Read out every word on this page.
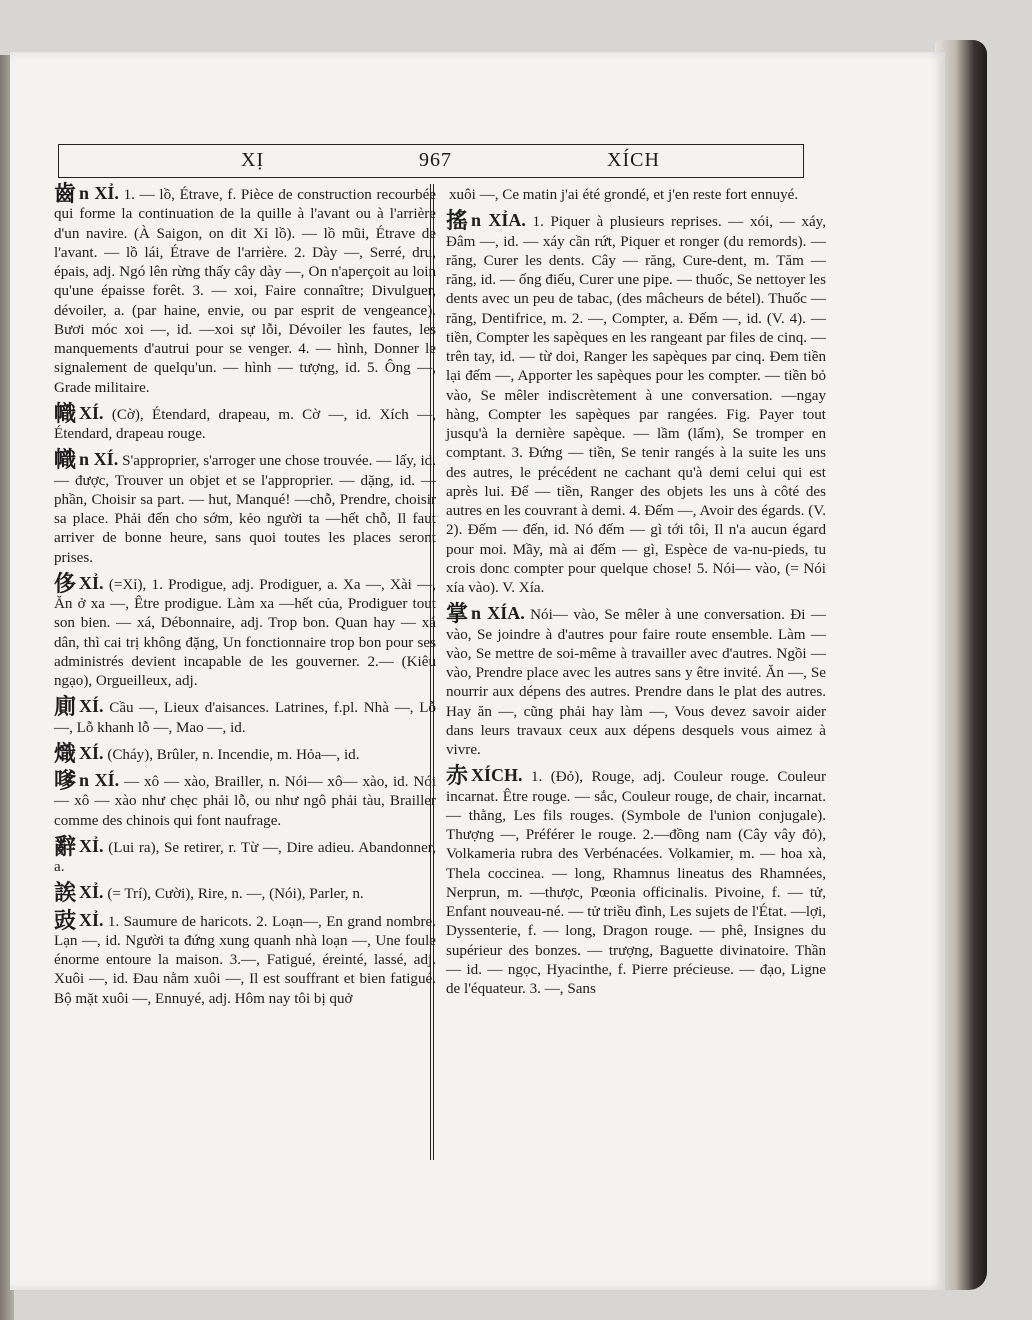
XỊ	967	XÍCH

齒 n XỈ. 1. — lồ, Étrave, f. Pièce de construction recourbée qui forme la continuation de la quille à l'avant ou à l'arrière d'un navire. (À Saigon, on dit Xỉ lồ). — lồ mũi, Étrave de l'avant. — lồ lái, Étrave de l'arrière. 2. Dày —, Serré, dru, épais, adj. Ngó lên rừng thấy cây dày —, On n'aperçoit au loin qu'une épaisse forêt. 3. — xoi, Faire connaître; Divulguer, dévoiler, a. (par haine, envie, ou par esprit de vengeance). Bươi móc xoi —, id. —xoi sự lỗi, Dévoiler les fautes, les manquements d'autrui pour se venger. 4. — hình, Donner le signalement de quelqu'un. — hình — tượng, id. 5. Ông —, Grade militaire.

幟 XÍ. (Cờ), Étendard, drapeau, m. Cờ —, id. Xích —, Étendard, drapeau rouge.

幟 n XÍ. S'approprier, s'arroger une chose trouvée. — lấy, id. — được, Trouver un objet et se l'approprier. — dặng, id. — phần, Choisir sa part. — hut, Manqué! —chỗ, Prendre, choisir sa place. Phải đến cho sớm, kẻo người ta —hết chỗ, Il faut arriver de bonne heure, sans quoi toutes les places seront prises.

侈 XỈ. (=Xỉ), 1. Prodigue, adj. Prodiguer, a. Xa —, Xài —, Ăn ở xa —, Être prodigue. Làm xa —hết của, Prodiguer tout son bien. — xá, Débonnaire, adj. Trop bon. Quan hay — xá dân, thì cai trị không đặng, Un fonctionnaire trop bon pour ses administrés devient incapable de les gouverner. 2.— (Kiêu ngạo), Orgueilleux, adj.

廁 XÍ. Cầu —, Lieux d'aisances. Latrines, f.pl. Nhà —, Lỗ —, Lỗ khanh lỗ —, Mao —, id.

熾 XÍ. (Cháy), Brûler, n. Incendie, m. Hỏa—, id.

嗲 n XÍ. — xô — xào, Brailler, n. Nói— xô— xào, id. Nói — xô — xào như chẹc phải lỗ, ou như ngô phải tàu, Brailler comme des chinois qui font naufrage.

辭 XỈ. (Lui ra), Se retirer, r. Từ —, Dire adieu. Abandonner, a.

誒 XỈ. (= Trí), Cười), Rire, n. —, (Nói), Parler, n.

豉 XỈ. 1. Saumure de haricots. 2. Loạn—, En grand nombre. Lạn —, id. Người ta đứng xung quanh nhà loạn —, Une foule énorme entoure la maison. 3.—, Fatigué, éreinté, lassé, adj. Xuôi —, id. Đau nằm xuôi —, Il est souffrant et bien fatigué. Bộ mặt xuôi —, Ennuyé, adj. Hôm nay tôi bị quở

xuôi —, Ce matin j'ai été grondé, et j'en reste fort ennuyé.

搖 n XỈA. 1. Piquer à plusieurs reprises. — xói, — xáy, Đâm —, id. — xáy cần rứt, Piquer et ronger (du remords). — răng, Curer les dents. Cây — răng, Cure-dent, m. Tăm — răng, id. — ống điếu, Curer une pipe. — thuốc, Se nettoyer les dents avec un peu de tabac, (des mâcheurs de bétel). Thuốc — răng, Dentifrice, m. 2. —, Compter, a. Đếm —, id. (V. 4). — tiền, Compter les sapèques en les rangeant par files de cinq. — trên tay, id. — từ doi, Ranger les sapèques par cinq. Đem tiền lại đếm —, Apporter les sapèques pour les compter. — tiền bỏ vào, Se mêler indiscrètement à une conversation. —ngay hàng, Compter les sapèques par rangées. Fig. Payer tout jusqu'à la dernière sapèque. — lầm (lấm), Se tromper en comptant. 3. Đứng — tiền, Se tenir rangés à la suite les uns des autres, le précédent ne cachant qu'à demi celui qui est après lui. Để — tiền, Ranger des objets les uns à côté des autres en les couvrant à demi. 4. Đếm —, Avoir des égards. (V. 2). Đếm — đến, id. Nó đếm — gì tới tôi, Il n'a aucun égard pour moi. Mầy, mà ai đếm — gì, Espèce de va-nu-pieds, tu crois donc compter pour quelque chose! 5. Nói— vào, (= Nói xía vào). V. Xía.

掌 n XÍA. Nói— vào, Se mêler à une conversation. Đi — vào, Se joindre à d'autres pour faire route ensemble. Làm — vào, Se mettre de soi-même à travailler avec d'autres. Ngồi — vào, Prendre place avec les autres sans y être invité. Ăn —, Se nourrir aux dépens des autres. Prendre dans le plat des autres. Hay ăn —, cũng phải hay làm —, Vous devez savoir aider dans leurs travaux ceux aux dépens desquels vous aimez à vivre.

赤 XÍCH. 1. (Đỏ), Rouge, adj. Couleur rouge. Couleur incarnat. Être rouge. — sắc, Couleur rouge, de chair, incarnat. — thằng, Les fils rouges. (Symbole de l'union conjugale). Thượng —, Préférer le rouge. 2.—đồng nam (Cây vây đỏ), Volkameria rubra des Verbénacées. Volkamier, m. — hoa xà, Thela coccinea. — long, Rhamnus lineatus des Rhamnées, Nerprun, m. —thược, Pœonia officinalis. Pivoine, f. — tử, Enfant nouveau-né. — tử triều đình, Les sujets de l'État. —lợi, Dyssenterie, f. — long, Dragon rouge. — phê, Insignes du supérieur des bonzes. — trượng, Baguette divinatoire. Thần — id. — ngọc, Hyacinthe, f. Pierre précieuse. — đạo, Ligne de l'équateur. 3. —, Sans
